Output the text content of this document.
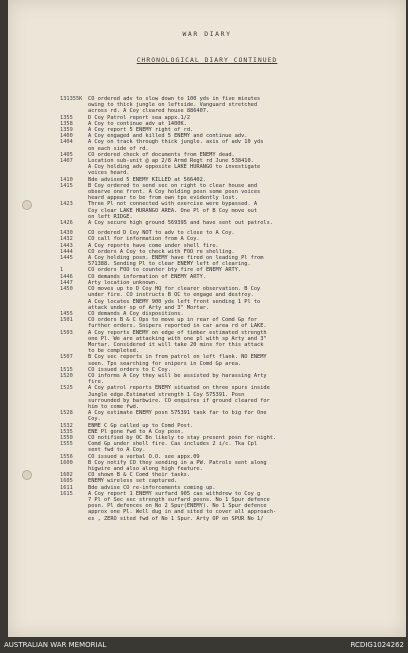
WAR DIARY
CHRONOLOGICAL DIARY CONTINUED
131355K	CO ordered adv to slow down to 100 yds in five minutes
owing to thick jungle on leftside. Vanguard stretched
across rd. A Coy cleared house 886407.
1355	D Coy Patrol report sea appx.1/2
1358	A Coy to continue adv at 1400K.
1359	A Coy report 5 ENEMY right of rd.
1400	A Coy engaged and killed 5 ENEMY and continue adv.
1404	A Coy on track through thick jungle. axis of adv 10 yds
on each side of rd.
1405	CO ordered check of documents from ENEMY dead.
1407	Location sub-unit @ ap 2/8 Armd Regt rd June 538410.
A Coy holding adv opposite LAKE HURANGO to investigate
voices heard.
1410	Bde advised 5 ENEMY KILLED at 566402.
1415	B Coy ordered to send sec on right to clear house and
observe one front. A Coy holding posn some posn voices
heard appear to be from own tps evidently lost.
1423	Three Pl not connected with exercise were bypassed. A
Coy clear LAKE HURANGO AREA. One Pl of B Coy move out
on left RIDGE.
1426	A Coy secure high ground 569395 and have sent out patrols.
1430	CO ordered D Coy NOT to adv to close to A Coy.
1432	CO call for information from A Coy.
1443	A Coy reports have come under shell fire.
1444	CO orders A Coy to check with FOO re shelling.
1445	A Coy holding posn. ENEMY have fired on leading Pl from
571388. Sending Pl to clear ENEMY left of clearing.
1	CO orders FOO to counter bty fire of ENEMY ARTY.
1446	CO demands information of ENEMY ARTY.
1447	Arty location unknown.
1450	CO moves up to D Coy HQ for clearer observation. B Coy
under fire. CO instructs B OC to engage and destroy.
A Coy locates ENEMY 900 yds left front sending 1 Pl to
attack under sp of Arty and 3" Mortar.
1455	CO demands A Coy dispositions.
1501	CO orders B & C Ops to move up in rear of Comd Gp for
further orders. Snipers reported in car area rd of LAKE.
1503	A Coy reports ENEMY on edge of timber estimated strength
one Pl. We are attacking with one pl with sp Arty and 3"
Mortar. Considered it will take 20 mins for this attack
to be completed.
1507	B Coy sec reports in from patrol on left flank. NO ENEMY
seen. Tps searching for snipers in Comd Gp area.
1515	CO issued orders to C Coy.
1520	CO informs A Coy they will be assisted by harassing Arty
fire.
1525	A Coy patrol reports ENEMY situated on three spurs inside
Jungle edge.Estimated strength 1 Coy 575391. Posn
surrounded by barbwire. CO enquires if ground cleared for
him to come fwd.
1528	A Coy estimate ENEMY posn 575391 task far to big for One
Coy.
1532	ENME C Gp called up to Comd Post.
1535	ENE Pl gone fwd to A Coy posn.
1550	CO notified by OC Bn likely to stay present posn for night.
1555	Comd Gp under shell fire. Cas includes 2 i/c. Tka Cpl
sent fwd to A Coy.
1556	CO issued a verbal O.O. see appx.09
1600	B Coy notify CO they sending in a PW. Patrols sent along
higwire and also along high feature.
1602	CO shown B & C Comd their tasks.
1605	ENEMY wireless set captured.
1611	Bde advise CO re-inforcements coming up.
1615	A Coy report 1 ENEMY surfard 905 cas withdrew to Coy g
7 Pl of Sec sec strength surfard posns. No 1 Spur defence
posn. Pl defences on No 2 Spur(ENEMY). No 1 Spur defence
approx one Pl. Well dug in and sited to cover all approach-
es , ZERO sited fwd of No 1 Spur. Arty OP on SPUR No 1/
AUSTRALIAN WAR MEMORIAL	RCDIG1024262
